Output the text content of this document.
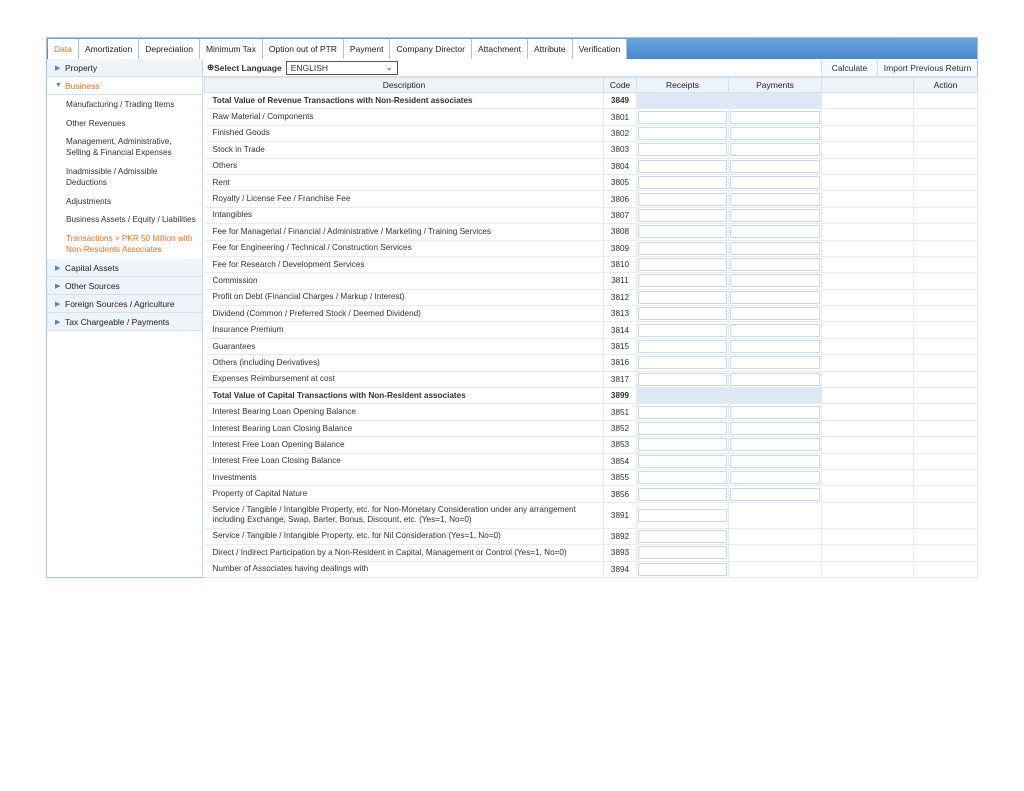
Data	Amortization	Depreciation	Minimum Tax	Option out of PTR	Payment	Company Director	Attachment	Attribute	Verification
▶ Property
▼ Business
Manufacturing / Trading Items
Other Revenues
Management, Administrative, Selling & Financial Expenses
Inadmissible / Admissible Deductions
Adjustments
Business Assets / Equity / Liabilities
Transactions > PKR 50 Million with Non-Residents Associates
▶ Capital Assets
▶ Other Sources
▶ Foreign Sources / Agriculture
▶ Tax Chargeable / Payments
⊕ Select Language ENGLISH	⌄	Calculate	Import Previous Return
Description	Code	Receipts	Payments		Action

Total Value of Revenue Transactions with Non-Resident associates	3849				

Raw Material / Components	3801	

Finished Goods	3802	

Stock in Trade	3803	

Others	3804	

Rent	3805	

Royalty / License Fee / Franchise Fee	3806	

Intangibles	3807	

Fee for Managerial / Financial / Administrative / Marketing / Training Services	3808	

Fee for Engineering / Technical / Construction Services	3809	

Fee for Research / Development Services	3810	

Commission	3811	

Profit on Debt (Financial Charges / Markup / Interest)	3812	

Dividend (Common / Preferred Stock / Deemed Dividend)	3813	

Insurance Premium	3814	

Guarantees	3815	

Others (including Derivatives)	3816	

Expenses Reimbursement at cost	3817	

Total Value of Capital Transactions with Non-Resident associates	3899				

Interest Bearing Loan Opening Balance	3851	

Interest Bearing Loan Closing Balance	3852	

Interest Free Loan Opening Balance	3853	

Interest Free Loan Closing Balance	3854	

Investments	3855	

Property of Capital Nature	3856	

Service / Tangible / Intangible Property, etc. for Non-Monetary Consideration under any arrangement including Exchange, Swap, Barter, Bonus, Discount, etc. (Yes=1, No=0)	3891	

Service / Tangible / Intangible Property, etc. for Nil Consideration (Yes=1, No=0)	3892	

Direct / Indirect Participation by a Non-Resident in Capital, Management or Control (Yes=1, No=0)	3893	

Number of Associates having dealings with	3894	
